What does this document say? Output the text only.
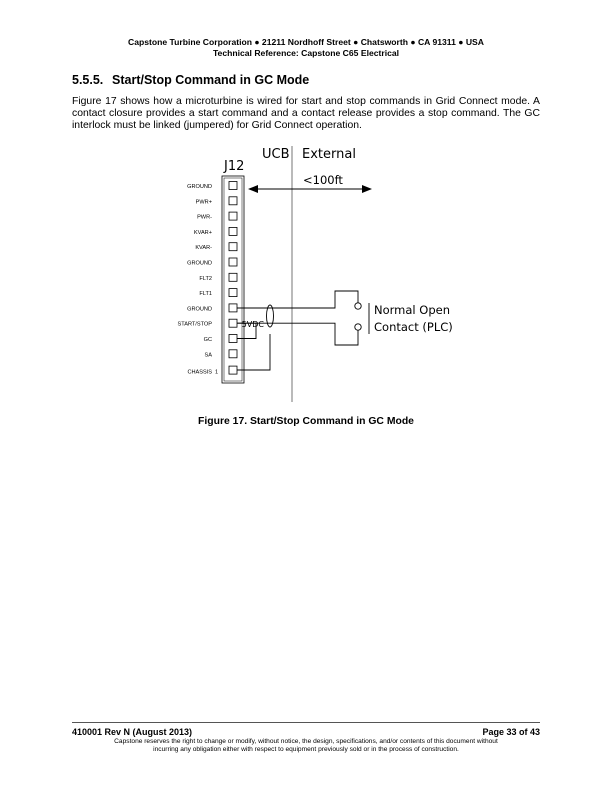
Capstone Turbine Corporation ● 21211 Nordhoff Street ● Chatsworth ● CA 91311 ● USA
Technical Reference: Capstone C65 Electrical
5.5.5. Start/Stop Command in GC Mode

Figure 17 shows how a microturbine is wired for start and stop commands in Grid Connect mode. A contact closure provides a start command and a contact release provides a stop command. The GC interlock must be linked (jumpered) for Grid Connect operation.

J12
UCB External
<100ft
GROUND
PWR+
PWR-
KVAR+
KVAR-
GROUND
FLT2
FLT1
GROUND
START/STOP
GC
SA
CHASSIS 1
5VDC
Normal Open
Contact (PLC)
Figure 17. Start/Stop Command in GC Mode
410001 Rev N (August 2013)	Page 33 of 43
Capstone reserves the right to change or modify, without notice, the design, specifications, and/or contents of this document without
incurring any obligation either with respect to equipment previously sold or in the process of construction.
